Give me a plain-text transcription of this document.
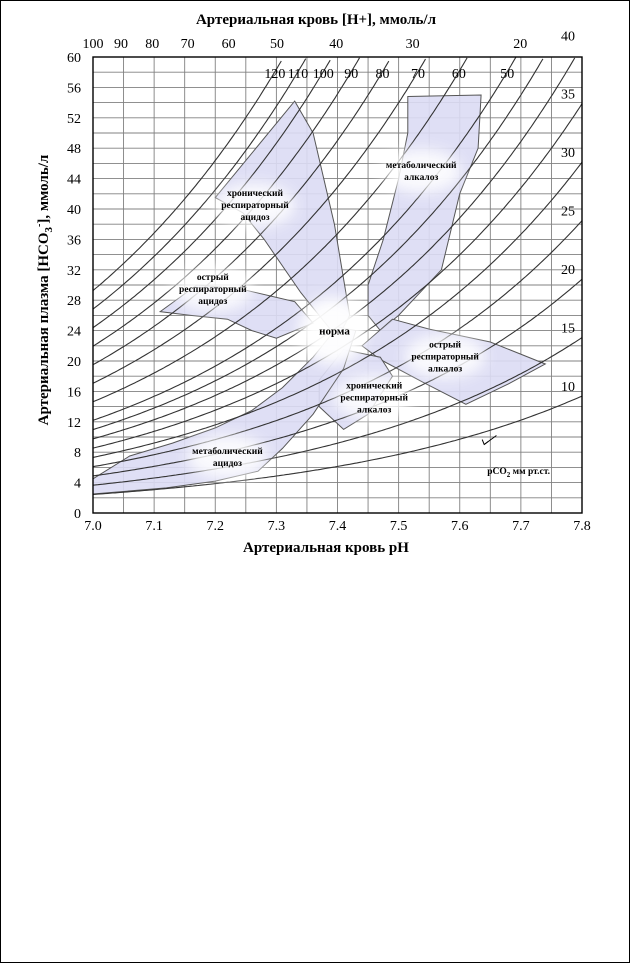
Артериальная кровь [H+], ммоль/л
100 90 80 70 60 50	40	30	20
7.0	7.1	7.2	7.3	7.4	7.5	7.6	7.7	7.8
0
4
8
12
16
20
24
28
32
36
40
44
48
52
56
60
Артериальная кровь pH
Артериальная плазма $[HCO_3^-]$, ммоль/л
120 110 100 90 80 70 60 50
40
35
30
25
20
15
10
pCO$_2$ мм рт.ст.
хронический
респираторный
ацидоз
острый
респираторный
ацидоз
метаболический
алкалоз
острый
респираторный
алкалоз
хронический
респираторный
алкалоз
метаболический
ацидоз
норма
